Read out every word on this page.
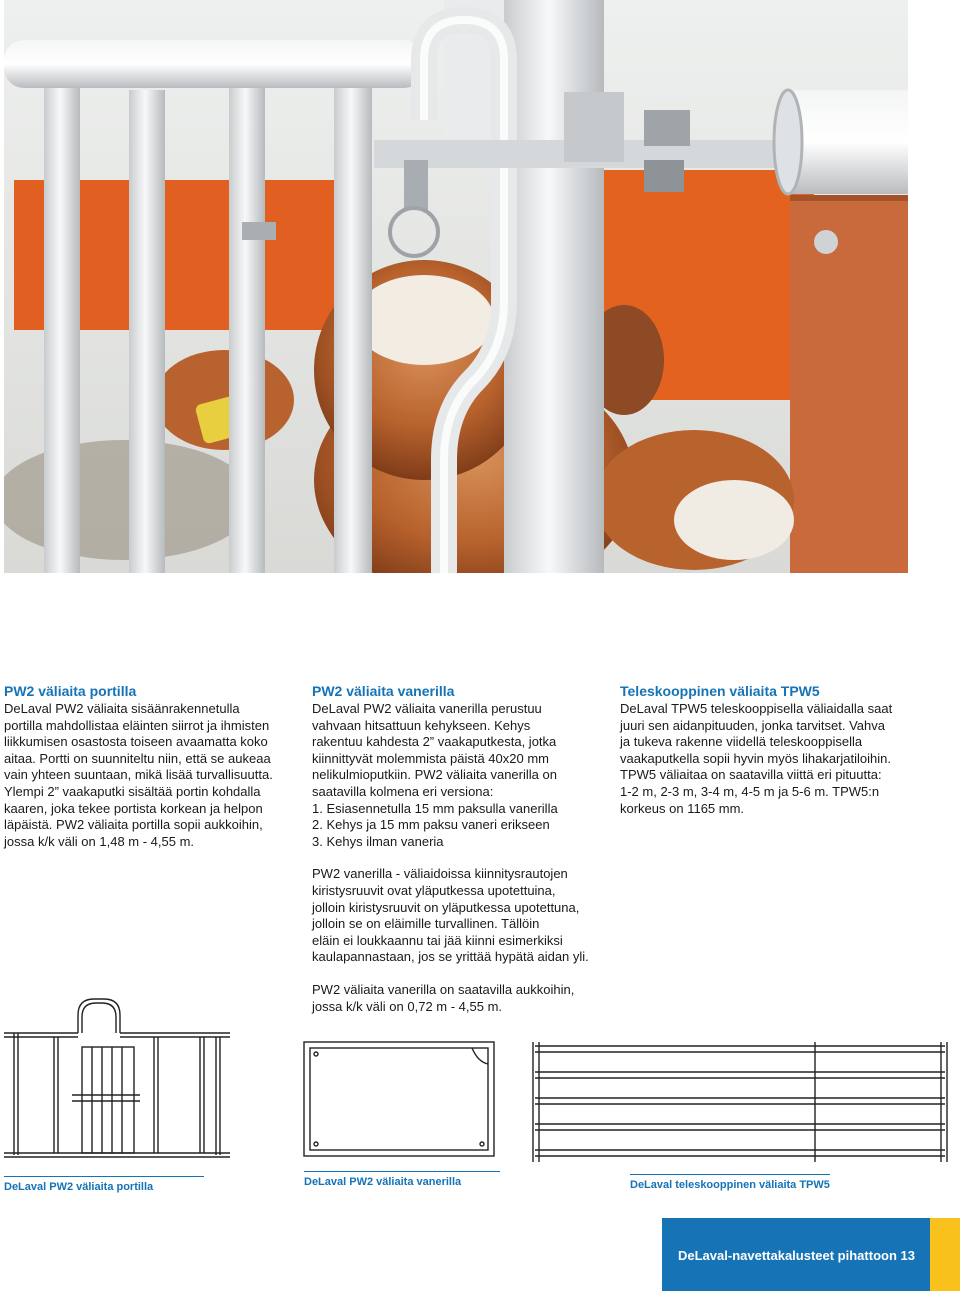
PW2 väliaita portilla

DeLaval PW2 väliaita sisäänrakennetulla

portilla mahdollistaa eläinten siirrot ja ihmisten

liikkumisen osastosta toiseen avaamatta koko

aitaa. Portti on suunniteltu niin, että se aukeaa

vain yhteen suuntaan, mikä lisää turvallisuutta.

Ylempi 2” vaakaputki sisältää portin kohdalla

kaaren, joka tekee portista korkean ja helpon

läpäistä. PW2 väliaita portilla sopii aukkoihin,

jossa k/k väli on 1,48 m - 4,55 m.

PW2 väliaita vanerilla

DeLaval PW2 väliaita vanerilla perustuu

vahvaan hitsattuun kehykseen. Kehys

rakentuu kahdesta 2” vaakaputkesta, jotka

kiinnittyvät molemmista päistä 40x20 mm

nelikulmioputkiin. PW2 väliaita vanerilla on

saatavilla kolmena eri versiona:

1. Esiasennetulla 15 mm paksulla vanerilla

2. Kehys ja 15 mm paksu vaneri erikseen

3. Kehys ilman vaneria

PW2 vanerilla - väliaidoissa kiinnitysrautojen

kiristysruuvit ovat yläputkessa upotettuina,

jolloin kiristysruuvit on yläputkessa upotettuna,

jolloin se on eläimille turvallinen. Tällöin

eläin ei loukkaannu tai jää kiinni esimerkiksi

kaulapannastaan, jos se yrittää hypätä aidan yli.

PW2 väliaita vanerilla on saatavilla aukkoihin,

jossa k/k väli on 0,72 m - 4,55 m.

Teleskooppinen väliaita TPW5

DeLaval TPW5 teleskooppisella väliaidalla saat

juuri sen aidanpituuden, jonka tarvitset. Vahva

ja tukeva rakenne viidellä teleskooppisella

vaakaputkella sopii hyvin myös lihakarjatiloihin.

TPW5 väliaitaa on saatavilla viittä eri pituutta:

1-2 m, 2-3 m, 3-4 m, 4-5 m ja 5-6 m. TPW5:n

korkeus on 1165 mm.

DeLaval PW2 väliaita portilla	DeLaval PW2 väliaita vanerilla	DeLaval teleskooppinen väliaita TPW5
DeLaval-navettakalusteet pihattoon 13
